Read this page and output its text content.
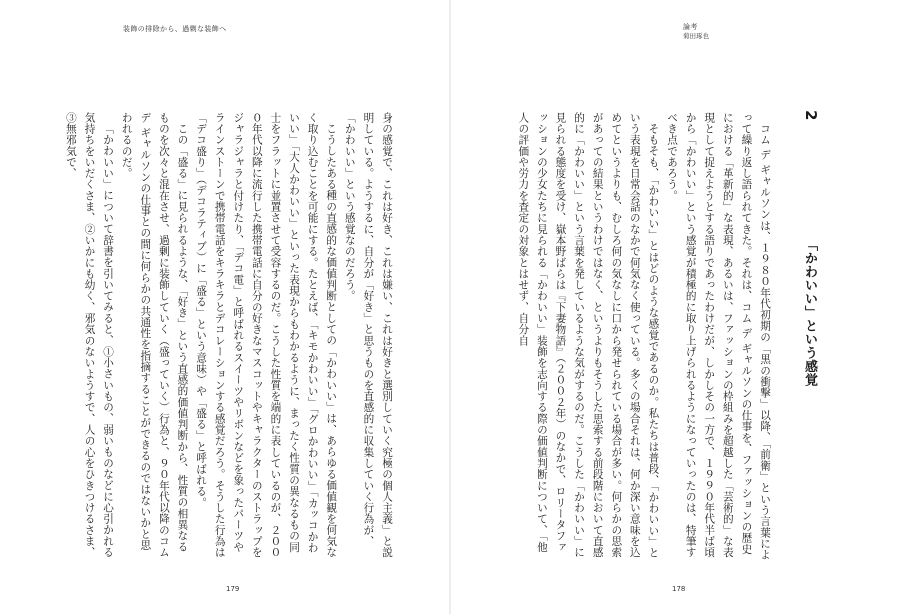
装飾の排除から、過剰な装飾へ

身の感覚で、これは好き、これは嫌い、これは好きと選別していく究極の個人主義」と説明している。ようするに、自分が「好き」と思うものを直感的に収集していく行為が、「かわいい」という感覚なのだろう。

こうしたある種の直感的な価値判断としての「かわいい」は、あらゆる価値観を何気なく取り込むことを可能にする。たとえば、「キモかわいい」「グロかわいい」「カッコかわいい」「大人かわいい」といった表現からもわかるように、まったく性質の異なるもの同士をフラットに並置させて受容するのだ。こうした性質を端的に表しているのが、２０００年代以降に流行した携帯電話に自分の好きなマスコットやキャラクターのストラップをジャラジャラと付けたり、「デコ電」と呼ばれるスイーツやリボンなどを象ったパーツやラインストーンで携帯電話をキラキラとデコレーションする感覚だろう。そうした行為は「デコ盛り」（デコラティブ）に「盛る」という意味）や「盛る」と呼ばれる。

この「盛る」に見られるような、「好き」という直感的価値判断から、性質の相異なるものを次々と混在させ、過剰に装飾していく（盛っていく）行為と、９０年代以降のコム デ ギャルソンの仕事との間に何らかの共通性を指摘することができるのではないかと思われるのだ。

「かわいい」について辞書を引いてみると、①小さいもの、弱いものなどに心引かれる気持ちをいだくさま、②いかにも幼く、邪気のないようすで、人の心をひきつけるさま、③無邪気で、

179
論考
菊田琢也
2
「かわいい」という感覚

コム デ ギャルソンは、１９８０年代初期の「黒の衝撃」以降、「前衛」という言葉によって繰り返し語られてきた。それは、コム デ ギャルソンの仕事を、ファッションの歴史における「革新的」な表現、あるいは、ファッションの枠組みを超越した「芸術的」な表現として捉えようとする語りであったわけだが、しかしその一方で、１９９０年代半ば頃から「かわいい」という感覚が積極的に取り上げられるようになっていったのは、特筆すべき点であろう。

そもそも、「かわいい」とはどのような感覚であるのか。私たちは普段、「かわいい」という表現を日常会話のなかで何気なく使っている。多くの場合それは、何か深い意味を込めてというよりも、むしろ何の気なしに口から発せられている場合が多い。何らかの思索があっての結果というわけではなく、というよりもそうした思索する前段階において直感的に「かわいい」という言葉を発しているような気がするのだ。こうした「かわいい」に見られる態度を受け、嶽本野ばらは『下妻物語』（２００２年）のなかで、ロリータファッションの少女たちに見られる「かわいい」装飾を志向する際の価値判断について、「他人の評価や労力を査定の対象とはせず、自分自

178
